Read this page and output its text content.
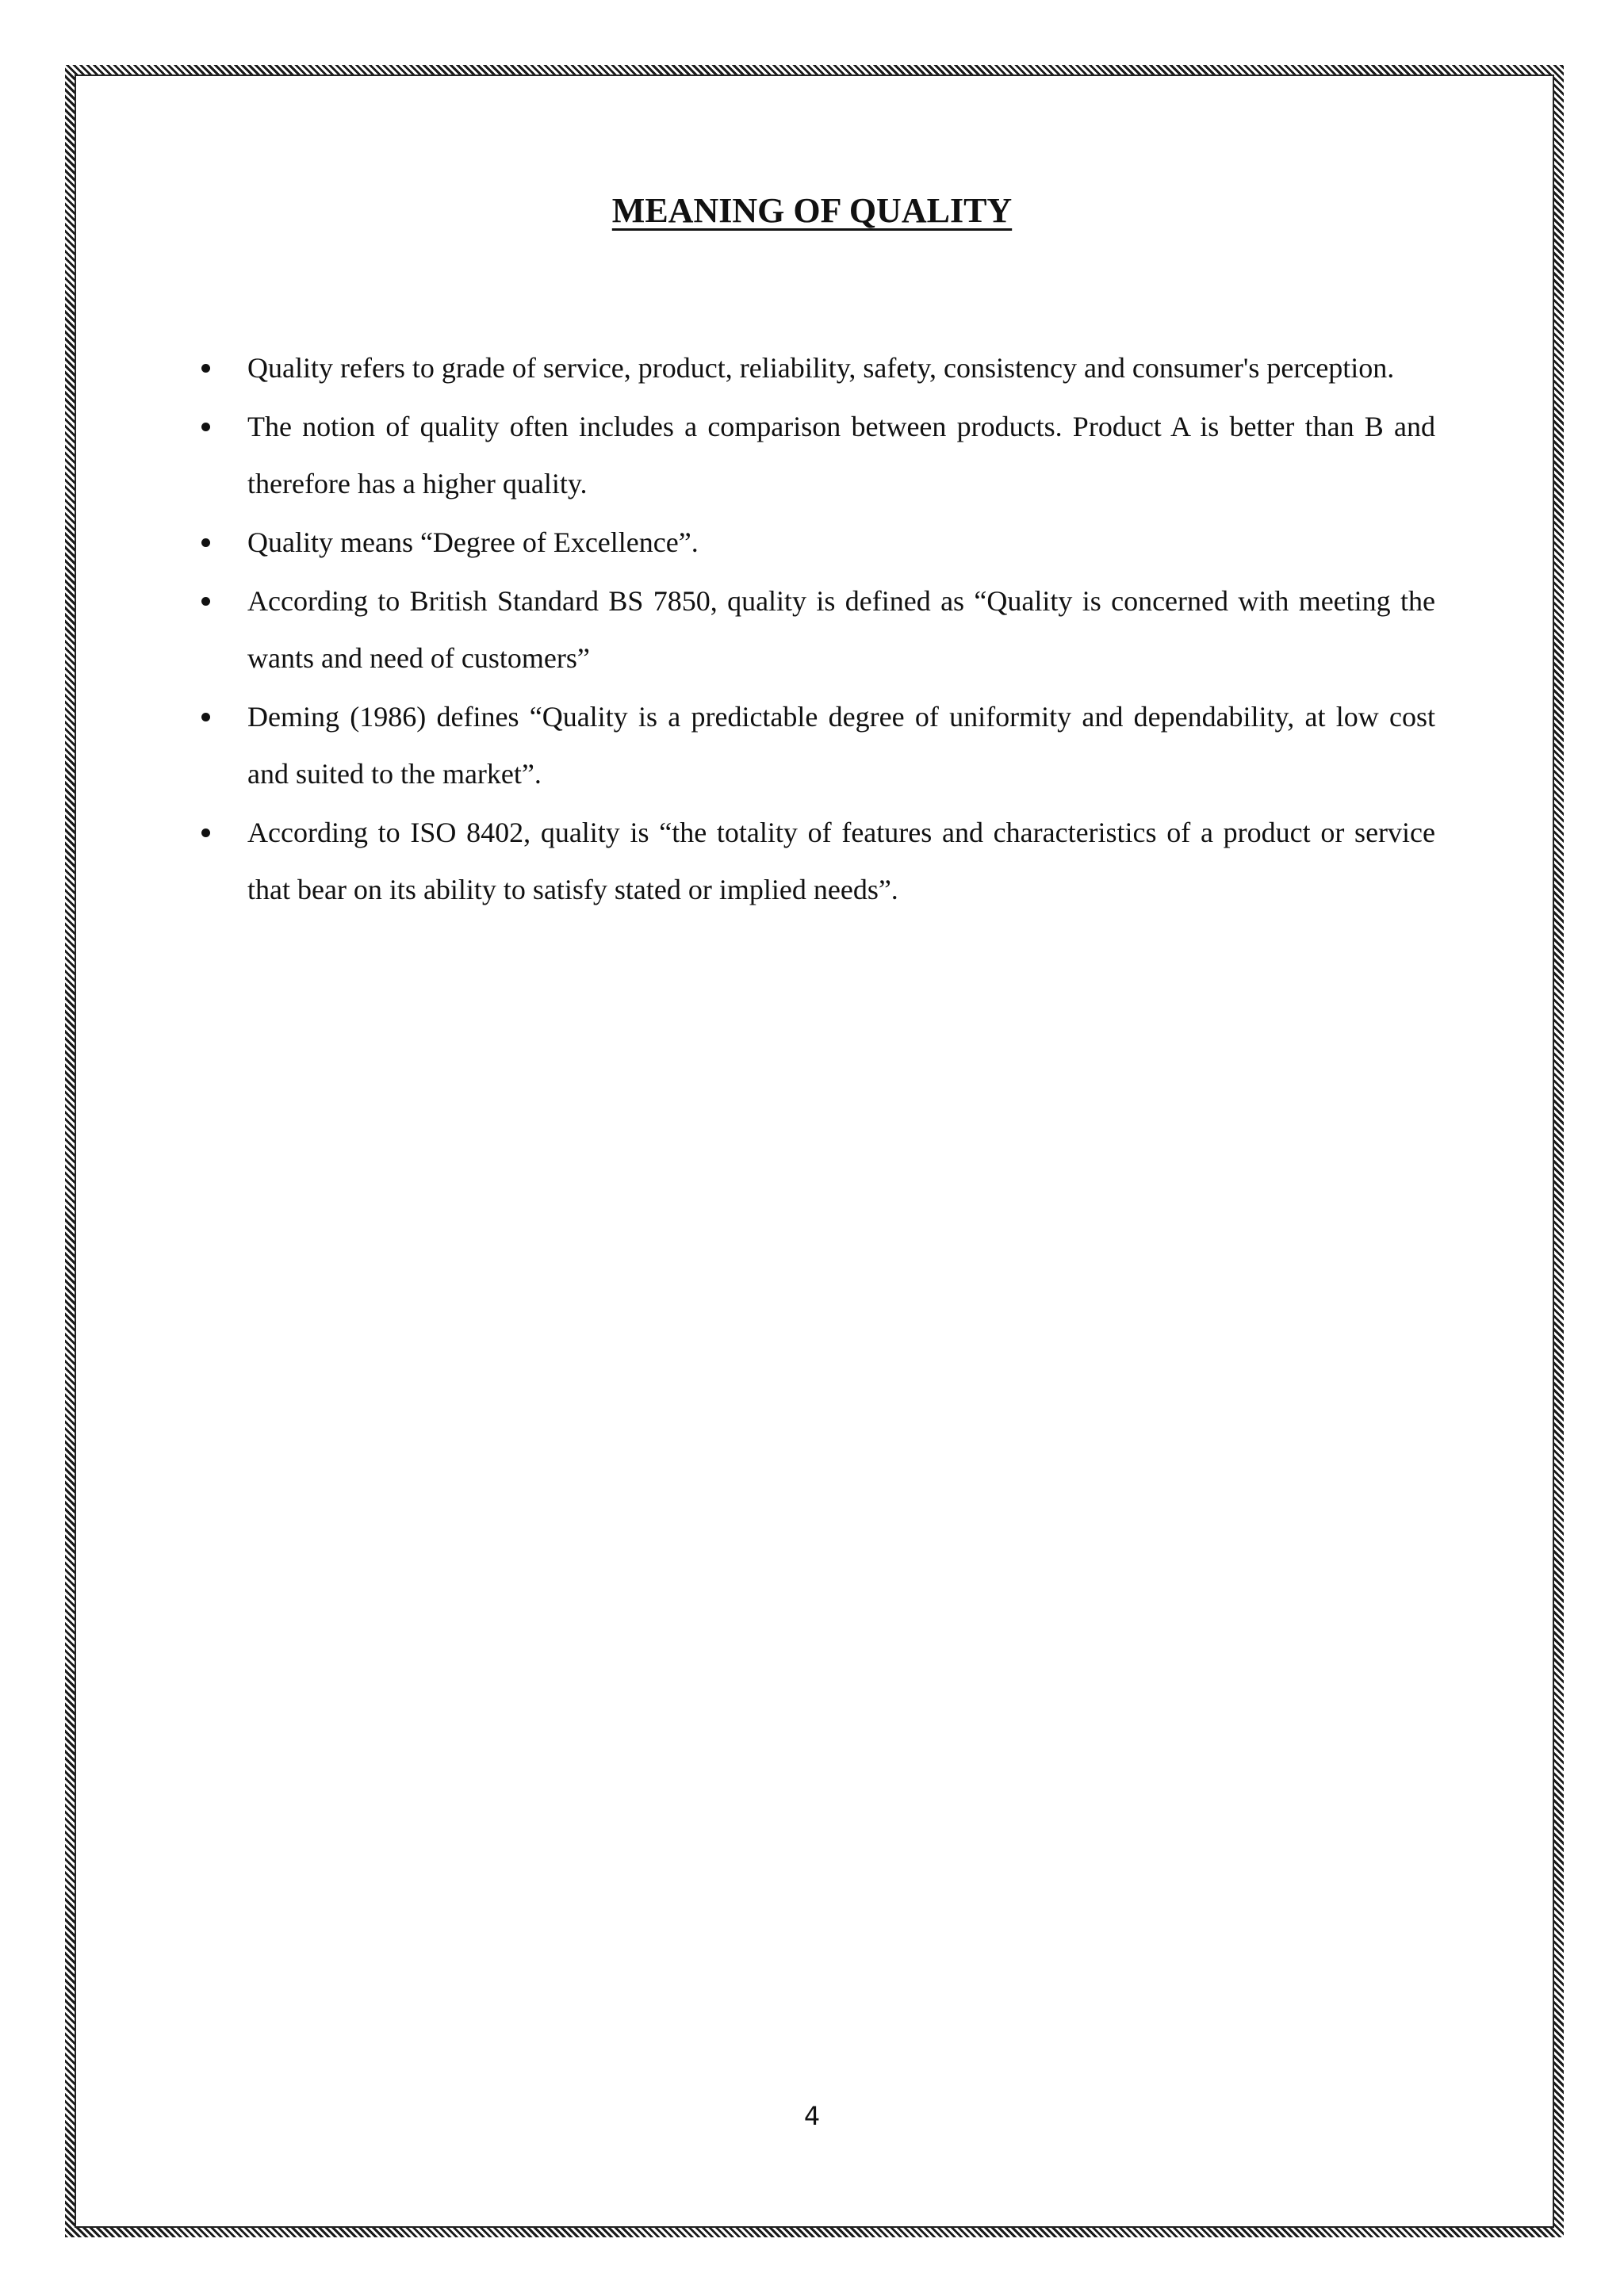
MEANING OF QUALITY
Quality refers to grade of service, product, reliability, safety, consistency and consumer's perception.
The notion of quality often includes a comparison between products. Product A is better than B and therefore has a higher quality.
Quality means “Degree of Excellence”.
According to British Standard BS 7850, quality is defined as “Quality is concerned with meeting the wants and need of customers”
Deming (1986) defines “Quality is a predictable degree of uniformity and dependability, at low cost and suited to the market”.
According to ISO 8402, quality is “the totality of features and characteristics of a product or service that bear on its ability to satisfy stated or implied needs”.
4
